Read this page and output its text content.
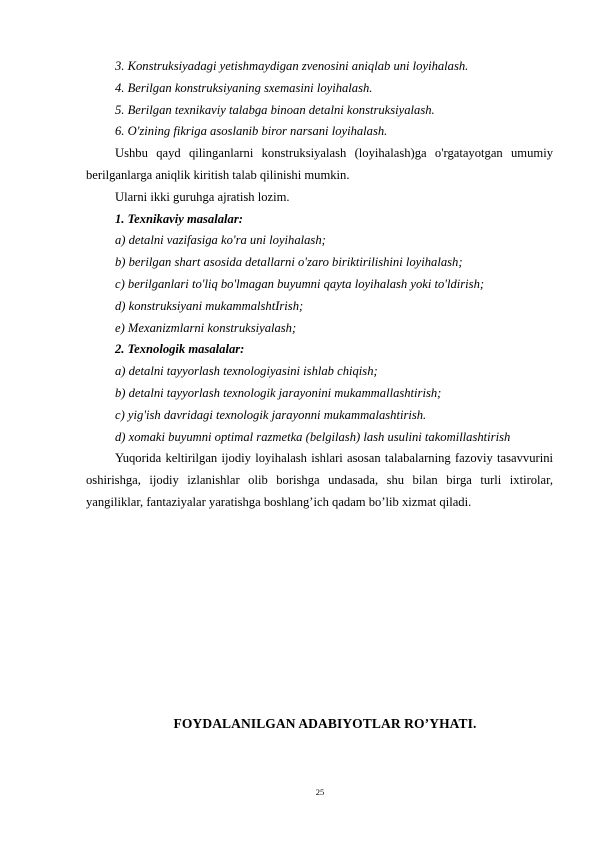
3. Konstruksiyadagi yetishmaydigan zvenosini aniqlab uni loyihalash.

4. Berilgan konstruksiyaning sxemasini loyihalash.

5. Berilgan texnikaviy talabga binoan detalni konstruksiyalash.

6. O'zining fikriga asoslanib biror narsani loyihalash.

Ushbu qayd qilinganlarni konstruksiyalash (loyihalash)ga o'rgatayotgan umumiy berilganlarga aniqlik kiritish talab qilinishi mumkin.

Ularni ikki guruhga ajratish lozim.

1. Texnikaviy masalalar:

a) detalni vazifasiga ko'ra uni loyihalash;

b) berilgan shart asosida detallarni o'zaro biriktirilishini loyihalash;

c) berilganlari to'liq bo'lmagan buyumni qayta loyihalash yoki to'ldirish;

d) konstruksiyani mukammalshtIrish;

e) Mexanizmlarni konstruksiyalash;

2. Texnologik masalalar:

a) detalni tayyorlash texnologiyasini ishlab chiqish;

b) detalni tayyorlash texnologik jarayonini mukammallashtirish;

c) yig'ish davridagi texnologik jarayonni mukammalashtirish.

d) xomaki buyumni optimal razmetka (belgilash) lash usulini takomillashtirish

Yuqorida keltirilgan ijodiy loyihalash ishlari asosan talabalarning fazoviy tasavvurini oshirishga, ijodiy izlanishlar olib borishga undasada, shu bilan birga turli ixtirolar, yangiliklar, fantaziyalar yaratishga boshlang’ich qadam bo’lib xizmat qiladi.

FOYDALANILGAN ADABIYOTLAR RO’YHATI.
25
